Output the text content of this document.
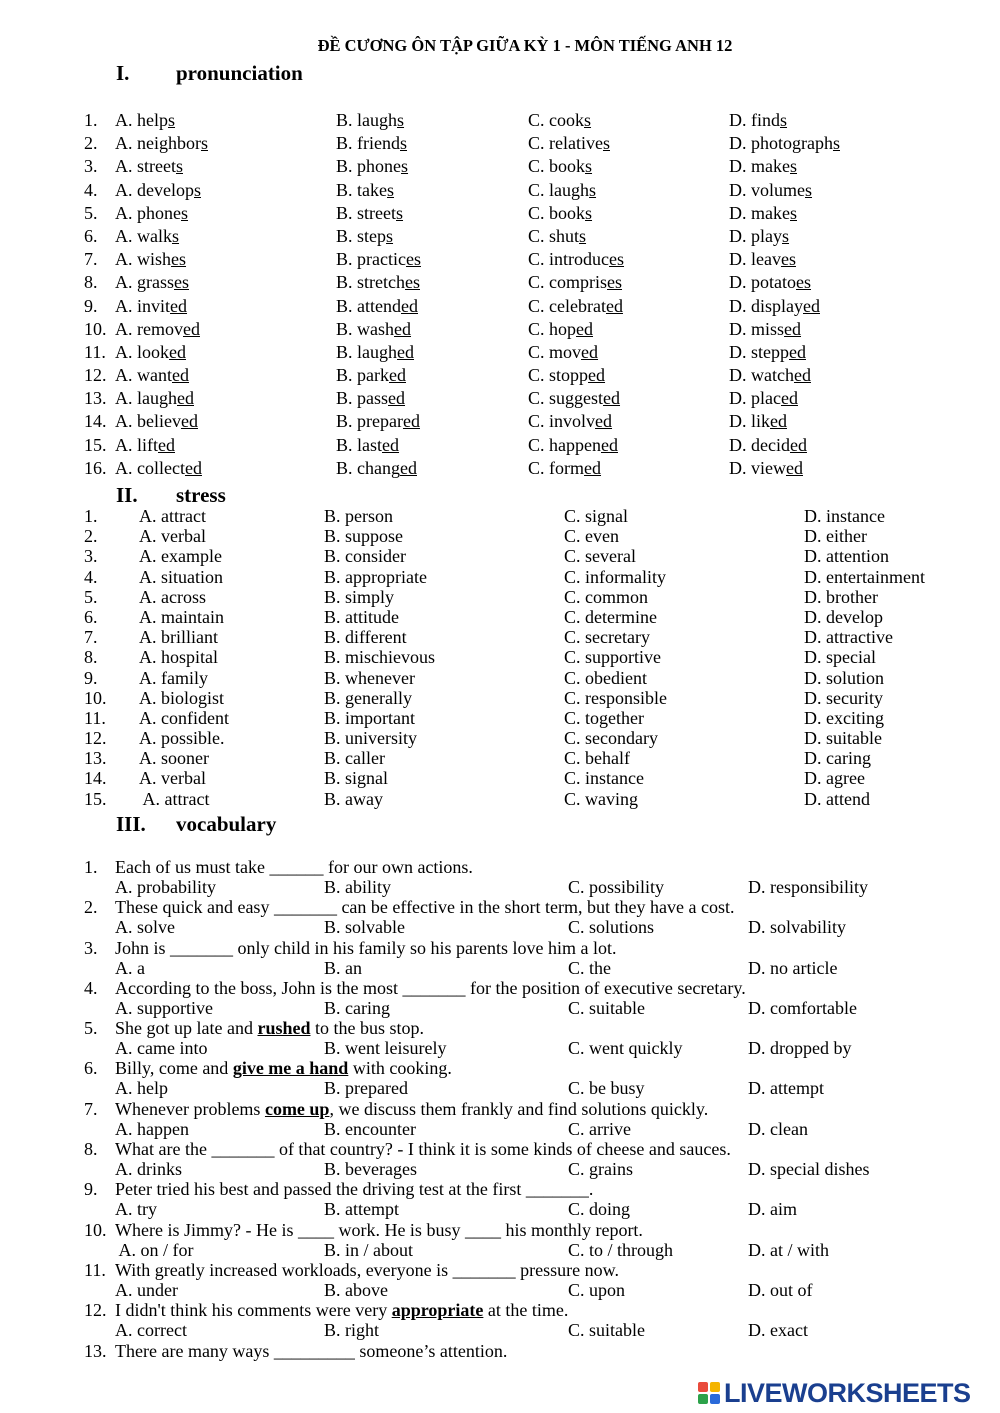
ĐỀ CƯƠNG ÔN TẬP GIỮA KỲ 1 - MÔN TIẾNG ANH 12
I. pronunciation
1. A. helps	B. laughs	C. cooks	D. finds
2. A. neighbors	B. friends	C. relatives	D. photographs
3. A. streets	B. phones	C. books	D. makes
4. A. develops	B. takes	C. laughs	D. volumes
5. A. phones	B. streets	C. books	D. makes
6. A. walks	B. steps	C. shuts	D. plays
7. A. wishes	B. practices	C. introduces	D. leaves
8. A. grasses	B. stretches	C. comprises	D. potatoes
9. A. invited	B. attended	C. celebrated	D. displayed
10. A. removed	B. washed	C. hoped	D. missed
11. A. looked	B. laughed	C. moved	D. stepped
12. A. wanted	B. parked	C. stopped	D. watched
13. A. laughed	B. passed	C. suggested	D. placed
14. A. believed	B. prepared	C. involved	D. liked
15. A. lifted	B. lasted	C. happened	D. decided
16. A. collected	B. changed	C. formed	D. viewed
II. stress
1. A. attract	B. person	C. signal	D. instance
2. A. verbal	B. suppose	C. even	D. either
3. A. example	B. consider	C. several	D. attention
4. A. situation	B. appropriate	C. informality	D. entertainment
5. A. across	B. simply	C. common	D. brother
6. A. maintain	B. attitude	C. determine	D. develop
7. A. brilliant	B. different	C. secretary	D. attractive
8. A. hospital	B. mischievous	C. supportive	D. special
9. A. family	B. whenever	C. obedient	D. solution
10. A. biologist	B. generally	C. responsible	D. security
11. A. confident	B. important	C. together	D. exciting
12. A. possible.	B. university	C. secondary	D. suitable
13. A. sooner	B. caller	C. behalf	D. caring
14. A. verbal	B. signal	C. instance	D. agree
15. A. attract	B. away	C. waving	D. attend
III. vocabulary
1. Each of us must take ______ for our own actions.
A. probability	B. ability	C. possibility	D. responsibility
2. These quick and easy _______ can be effective in the short term, but they have a cost.
A. solve	B. solvable	C. solutions	D. solvability
3. John is _______ only child in his family so his parents love him a lot.
A. a	B. an	C. the	D. no article
4. According to the boss, John is the most _______ for the position of executive secretary.
A. supportive	B. caring	C. suitable	D. comfortable
5. She got up late and rushed to the bus stop.
A. came into	B. went leisurely	C. went quickly	D. dropped by
6. Billy, come and give me a hand with cooking.
A. help	B. prepared	C. be busy	D. attempt
7. Whenever problems come up, we discuss them frankly and find solutions quickly.
A. happen	B. encounter	C. arrive	D. clean
8. What are the _______ of that country? - I think it is some kinds of cheese and sauces.
A. drinks	B. beverages	C. grains	D. special dishes
9. Peter tried his best and passed the driving test at the first _______.
A. try	B. attempt	C. doing	D. aim
10. Where is Jimmy? - He is ____ work. He is busy ____ his monthly report.
A. on / for	B. in / about	C. to / through	D. at / with
11. With greatly increased workloads, everyone is _______ pressure now.
A. under	B. above	C. upon	D. out of
12. I didn't think his comments were very appropriate at the time.
A. correct	B. right	C. suitable	D. exact
13. There are many ways _________ someone’s attention.
LIVEWORKSHEETS
